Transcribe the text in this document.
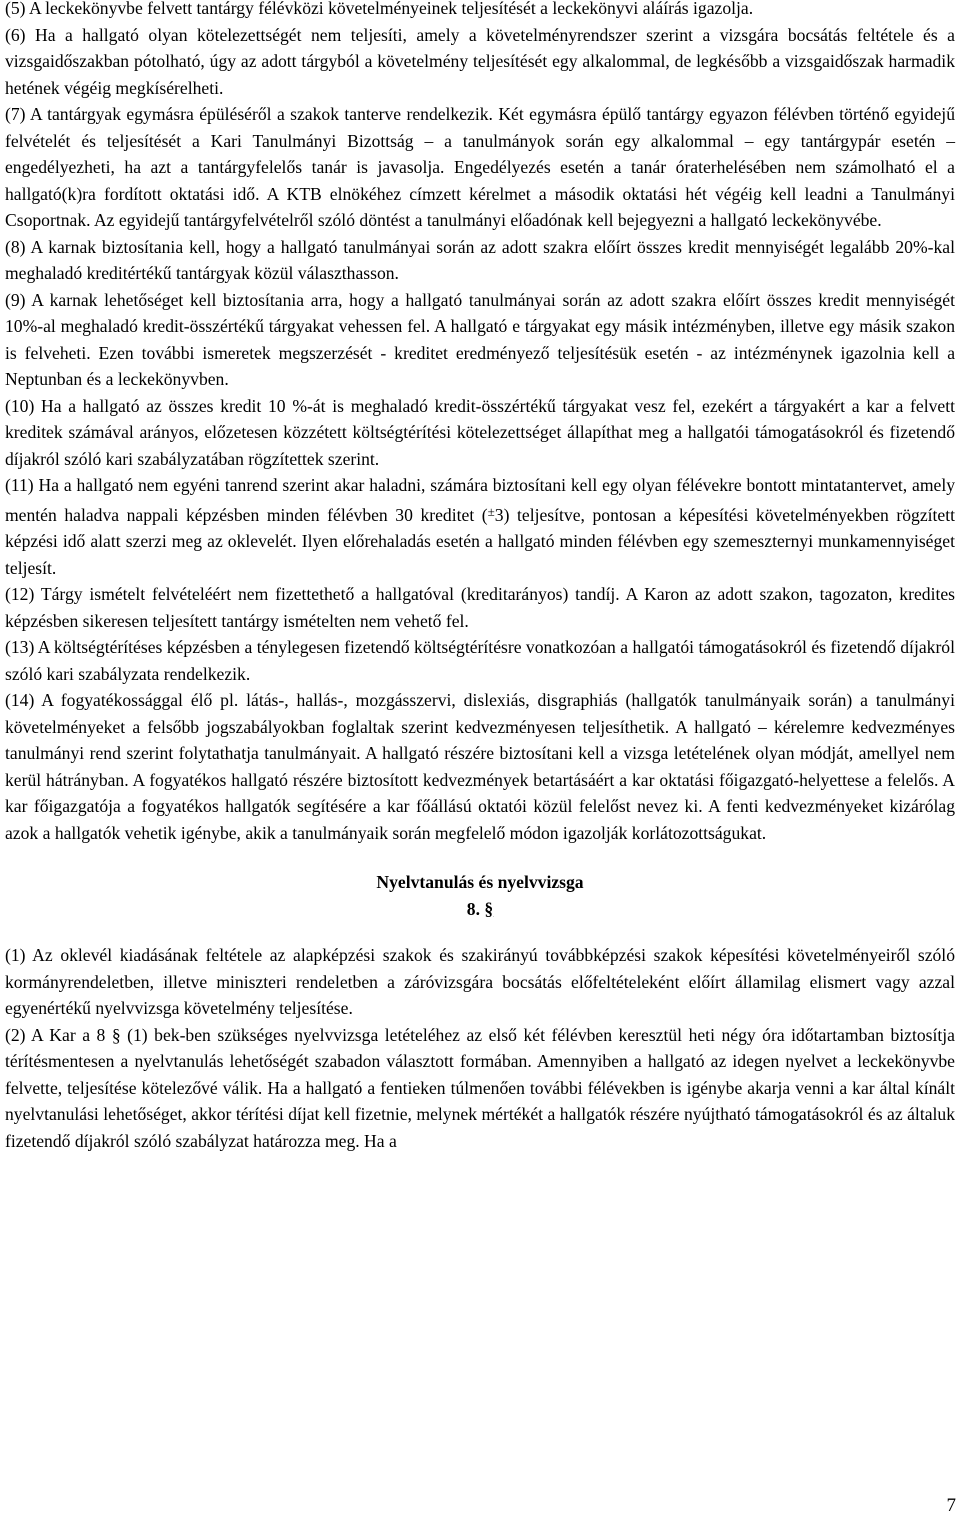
(5) A leckekönyvbe felvett tantárgy félévközi követelményeinek teljesítését a leckekönyvi aláírás igazolja.

(6) Ha a hallgató olyan kötelezettségét nem teljesíti, amely a követelményrendszer szerint a vizsgára bocsátás feltétele és a vizsgaidőszakban pótolható, úgy az adott tárgyból a követelmény teljesítését egy alkalommal, de legkésőbb a vizsgaidőszak harmadik hetének végéig megkísérelheti.

(7) A tantárgyak egymásra épüléséről a szakok tanterve rendelkezik. Két egymásra épülő tantárgy egyazon félévben történő egyidejű felvételét és teljesítését a Kari Tanulmányi Bizottság – a tanulmányok során egy alkalommal – egy tantárgypár esetén – engedélyezheti, ha azt a tantárgyfelelős tanár is javasolja. Engedélyezés esetén a tanár óraterhelésében nem számolható el a hallgató(k)ra fordított oktatási idő. A KTB elnökéhez címzett kérelmet a második oktatási hét végéig kell leadni a Tanulmányi Csoportnak. Az egyidejű tantárgyfelvételről szóló döntést a tanulmányi előadónak kell bejegyezni a hallgató leckekönyvébe.

(8) A karnak biztosítania kell, hogy a hallgató tanulmányai során az adott szakra előírt összes kredit mennyiségét legalább 20%-kal meghaladó kreditértékű tantárgyak közül választhasson.

(9) A karnak lehetőséget kell biztosítania arra, hogy a hallgató tanulmányai során az adott szakra előírt összes kredit mennyiségét 10%-al meghaladó kredit-összértékű tárgyakat vehessen fel. A hallgató e tárgyakat egy másik intézményben, illetve egy másik szakon is felveheti. Ezen további ismeretek megszerzését - kreditet eredményező teljesítésük esetén - az intézménynek igazolnia kell a Neptunban és a leckekönyvben.

(10) Ha a hallgató az összes kredit 10 %-át is meghaladó kredit-összértékű tárgyakat vesz fel, ezekért a tárgyakért a kar a felvett kreditek számával arányos, előzetesen közzétett költségtérítési kötelezettséget állapíthat meg a hallgatói támogatásokról és fizetendő díjakról szóló kari szabályzatában rögzítettek szerint.

(11) Ha a hallgató nem egyéni tanrend szerint akar haladni, számára biztosítani kell egy olyan félévekre bontott mintatantervet, amely mentén haladva nappali képzésben minden félévben 30 kreditet (±3) teljesítve, pontosan a képesítési követelményekben rögzített képzési idő alatt szerzi meg az oklevelét. Ilyen előrehaladás esetén a hallgató minden félévben egy szemeszternyi munkamennyiséget teljesít.

(12) Tárgy ismételt felvételéért nem fizettethető a hallgatóval (kreditarányos) tandíj. A Karon az adott szakon, tagozaton, kredites képzésben sikeresen teljesített tantárgy ismételten nem vehető fel.

(13) A költségtérítéses képzésben a ténylegesen fizetendő költségtérítésre vonatkozóan a hallgatói támogatásokról és fizetendő díjakról szóló kari szabályzata rendelkezik.

(14) A fogyatékossággal élő pl. látás-, hallás-, mozgásszervi, dislexiás, disgraphiás (hallgatók tanulmányaik során) a tanulmányi követelményeket a felsőbb jogszabályokban foglaltak szerint kedvezményesen teljesíthetik. A hallgató – kérelemre kedvezményes tanulmányi rend szerint folytathatja tanulmányait. A hallgató részére biztosítani kell a vizsga letételének olyan módját, amellyel nem kerül hátrányban. A fogyatékos hallgató részére biztosított kedvezmények betartásáért a kar oktatási főigazgató-helyettese a felelős. A kar főigazgatója a fogyatékos hallgatók segítésére a kar főállású oktatói közül felelőst nevez ki. A fenti kedvezményeket kizárólag azok a hallgatók vehetik igénybe, akik a tanulmányaik során megfelelő módon igazolják korlátozottságukat.

Nyelvtanulás és nyelvvizsga

8. §

(1) Az oklevél kiadásának feltétele az alapképzési szakok és szakirányú továbbképzési szakok képesítési követelményeiről szóló kormányrendeletben, illetve miniszteri rendeletben a záróvizsgára bocsátás előfeltételeként előírt államilag elismert vagy azzal egyenértékű nyelvvizsga követelmény teljesítése.

(2) A Kar a 8 § (1) bek-ben szükséges nyelvvizsga letételéhez az első két félévben keresztül heti négy óra időtartamban biztosítja térítésmentesen a nyelvtanulás lehetőségét szabadon választott formában. Amennyiben a hallgató az idegen nyelvet a leckekönyvbe felvette, teljesítése kötelezővé válik. Ha a hallgató a fentieken túlmenően további félévekben is igénybe akarja venni a kar által kínált nyelvtanulási lehetőséget, akkor térítési díjat kell fizetnie, melynek mértékét a hallgatók részére nyújtható támogatásokról és az általuk fizetendő díjakról szóló szabályzat határozza meg. Ha a

7
